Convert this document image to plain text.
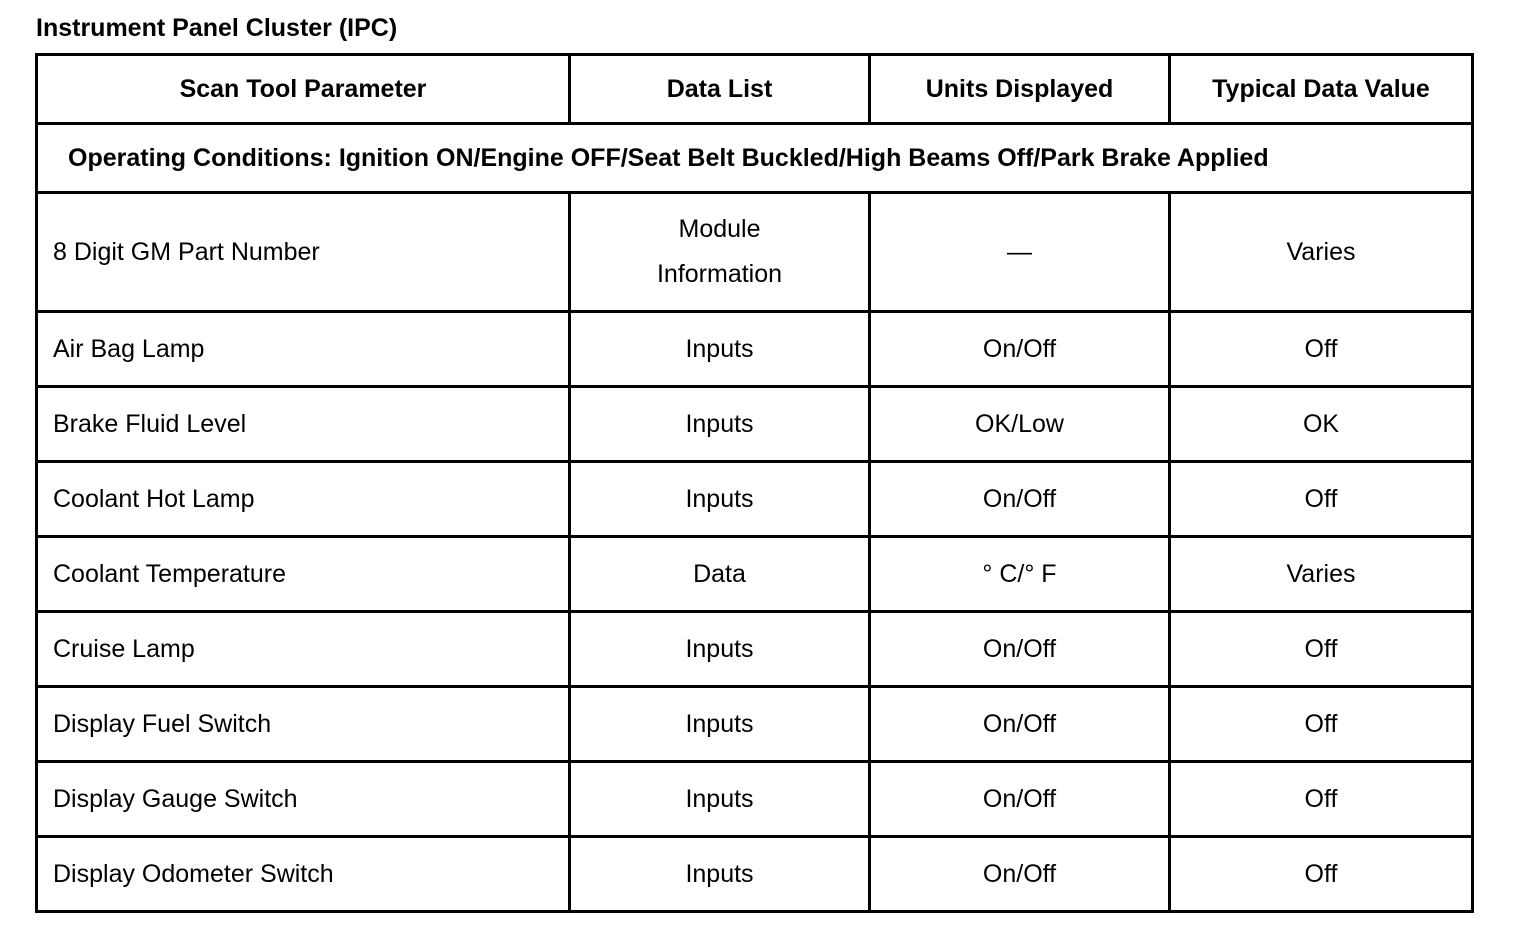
Instrument Panel Cluster (IPC)
Scan Tool Parameter	Data List	Units Displayed	Typical Data Value
Operating Conditions: Ignition ON/Engine OFF/Seat Belt Buckled/High Beams Off/Park Brake Applied			
8 Digit GM Part Number	Module Information	—	Varies
Air Bag Lamp	Inputs	On/Off	Off
Brake Fluid Level	Inputs	OK/Low	OK
Coolant Hot Lamp	Inputs	On/Off	Off
Coolant Temperature	Data	° C/° F	Varies
Cruise Lamp	Inputs	On/Off	Off
Display Fuel Switch	Inputs	On/Off	Off
Display Gauge Switch	Inputs	On/Off	Off
Display Odometer Switch	Inputs	On/Off	Off
